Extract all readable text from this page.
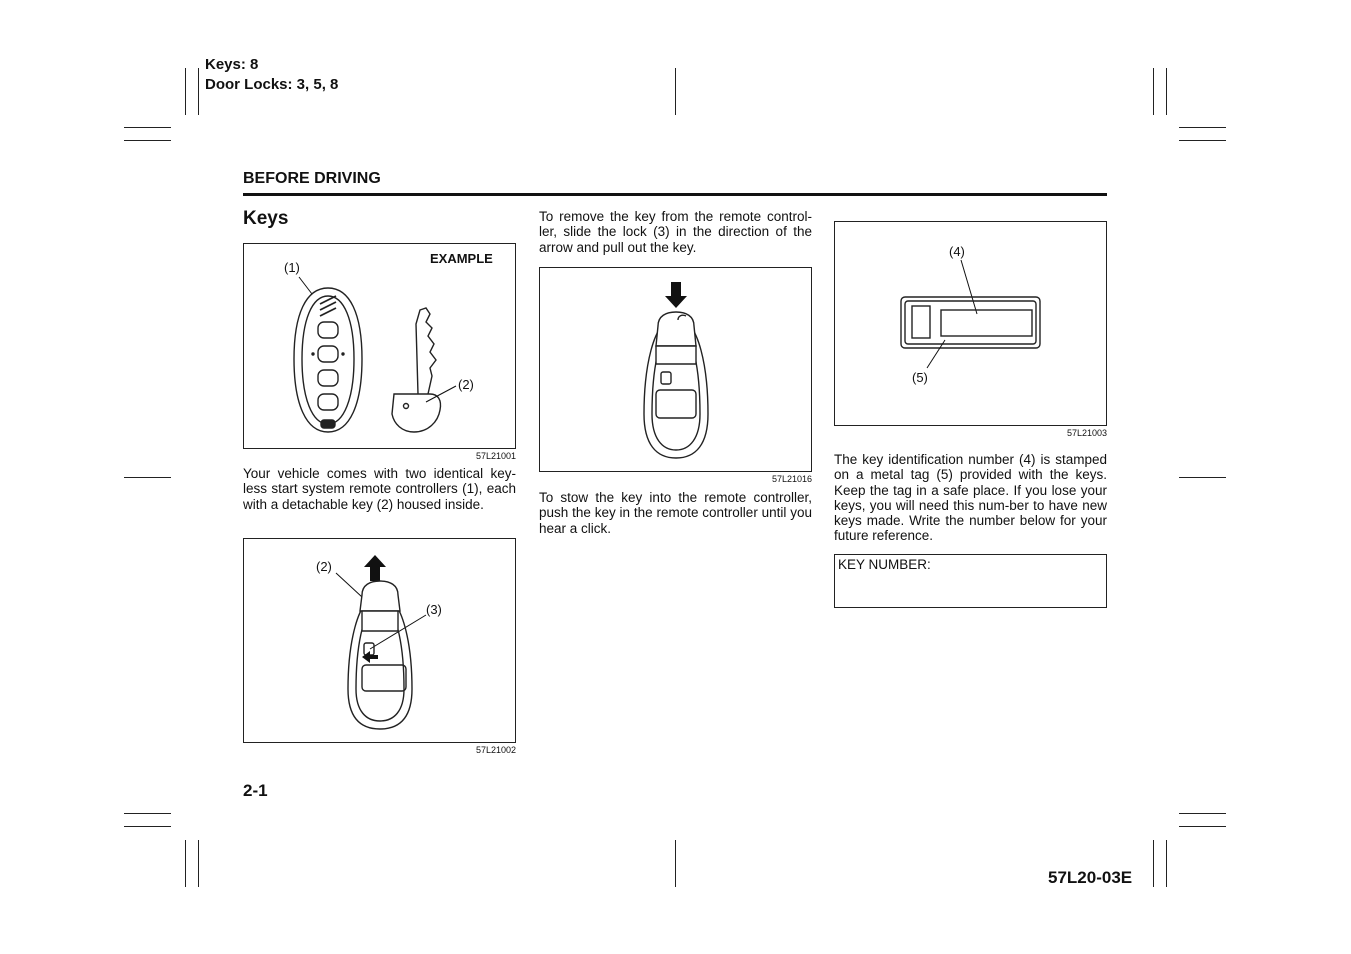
Keys: 8
Door Locks: 3, 5, 8
BEFORE DRIVING
Keys
EXAMPLE
(1)
(2)
57L21001
Your vehicle comes with two identical key-less start system remote controllers (1), each with a detachable key (2) housed inside.
(2)
(3)
57L21002
To remove the key from the remote control-ler, slide the lock (3) in the direction of the arrow and pull out the key.
57L21016
To stow the key into the remote controller, push the key in the remote controller until you hear a click.
(4)
(5)
57L21003
The key identification number (4) is stamped on a metal tag (5) provided with the keys. Keep the tag in a safe place. If you lose your keys, you will need this num-ber to have new keys made. Write the number below for your future reference.
KEY NUMBER:
2-1
57L20-03E
